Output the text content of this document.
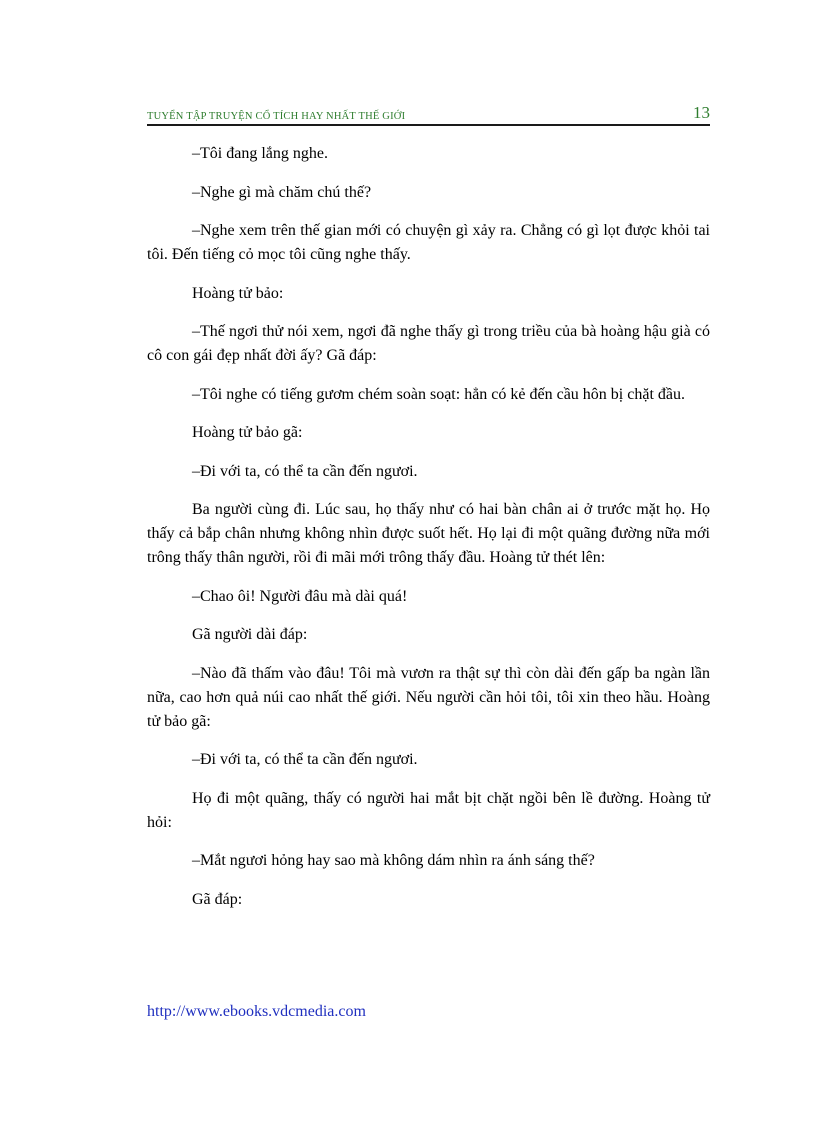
TUYỂN TẬP TRUYỆN CỔ TÍCH HAY NHẤT THẾ GIỚI	13

–Tôi đang lắng nghe.

–Nghe gì mà chăm chú thế?

–Nghe xem trên thế gian mới có chuyện gì xảy ra. Chẳng có gì lọt được khỏi tai tôi. Đến tiếng cỏ mọc tôi cũng nghe thấy.

Hoàng tử bảo:

–Thế ngơi thử nói xem, ngơi đã nghe thấy gì trong triều của bà hoàng hậu già có cô con gái đẹp nhất đời ấy? Gã đáp:

–Tôi nghe có tiếng gươm chém soàn soạt: hẳn có kẻ đến cầu hôn bị chặt đầu.

Hoàng tử bảo gã:

–Đi với ta, có thể ta cần đến ngươi.

Ba người cùng đi. Lúc sau, họ thấy như có hai bàn chân ai ở trước mặt họ. Họ thấy cả bắp chân nhưng không nhìn được suốt hết. Họ lại đi một quãng đường nữa mới trông thấy thân người, rồi đi mãi mới trông thấy đầu. Hoàng tử thét lên:

–Chao ôi! Người đâu mà dài quá!

Gã người dài đáp:

–Nào đã thấm vào đâu! Tôi mà vươn ra thật sự thì còn dài đến gấp ba ngàn lần nữa, cao hơn quả núi cao nhất thế giới. Nếu người cần hỏi tôi, tôi xin theo hầu. Hoàng tử bảo gã:

–Đi với ta, có thể ta cần đến ngươi.

Họ đi một quãng, thấy có người hai mắt bịt chặt ngồi bên lề đường. Hoàng tử hỏi:

–Mắt ngươi hỏng hay sao mà không dám nhìn ra ánh sáng thế?

Gã đáp:

http://www.ebooks.vdcmedia.com
